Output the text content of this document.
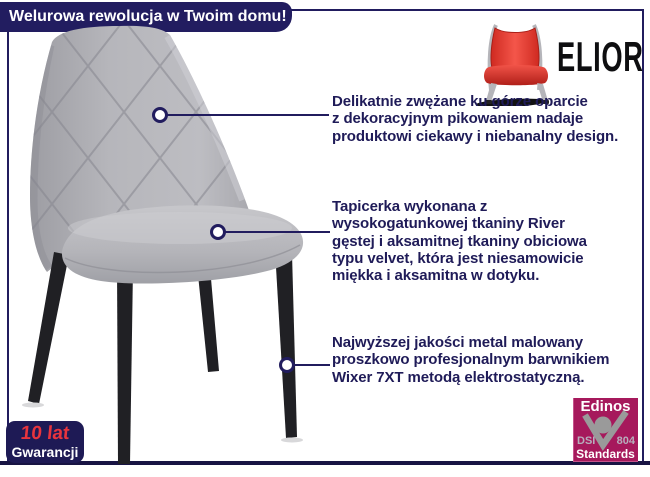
Welurowa rewolucja w Twoim domu!
ELIOR
Delikatnie zwężane ku górze oparcie
z dekoracyjnym pikowaniem nadaje
produktowi ciekawy i niebanalny design.
Tapicerka wykonana z
wysokogatunkowej tkaniny River
gęstej i aksamitnej tkaniny obiciowa
typu velvet, która jest niesamowicie
miękka i aksamitna w dotyku.
Najwyższej jakości metal malowany
proszkowo profesjonalnym barwnikiem
Wixer 7XT metodą elektrostatyczną.
10 lat
Gwarancji
Edinos
DSI 804
Standards
